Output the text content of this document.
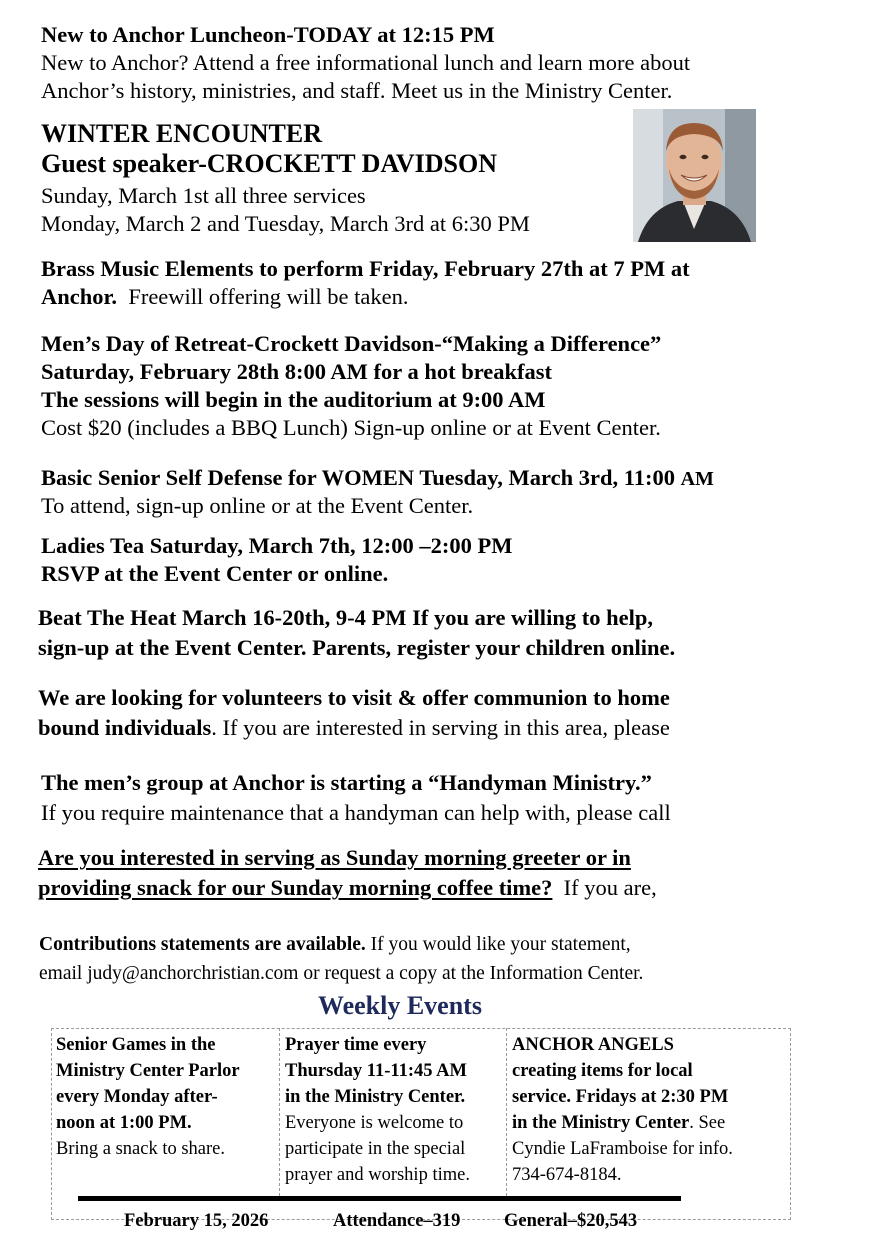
New to Anchor Luncheon-TODAY at 12:15 PM
New to Anchor? Attend a free informational lunch and learn more about
Anchor’s history, ministries, and staff. Meet us in the Ministry Center.
WINTER ENCOUNTER
Guest speaker-CROCKETT DAVIDSON
Sunday, March 1st all three services
Monday, March 2 and Tuesday, March 3rd at 6:30 PM
Brass Music Elements to perform Friday, February 27th at 7 PM at
Anchor. Freewill offering will be taken.
Men’s Day of Retreat-Crockett Davidson-“Making a Difference”
Saturday, February 28th 8:00 AM for a hot breakfast
The sessions will begin in the auditorium at 9:00 AM
Cost $20 (includes a BBQ Lunch) Sign-up online or at Event Center.
Basic Senior Self Defense for WOMEN Tuesday, March 3rd, 11:00 AM
To attend, sign-up online or at the Event Center.
Ladies Tea Saturday, March 7th, 12:00 –2:00 PM
RSVP at the Event Center or online.
Beat The Heat March 16-20th, 9-4 PM If you are willing to help,
sign-up at the Event Center. Parents, register your children online.
We are looking for volunteers to visit & offer communion to home
bound individuals. If you are interested in serving in this area, please
The men’s group at Anchor is starting a “Handyman Ministry.”
If you require maintenance that a handyman can help with, please call
Are you interested in serving as Sunday morning greeter or in
providing snack for our Sunday morning coffee time? If you are,
Contributions statements are available. If you would like your statement,
email judy@anchorchristian.com or request a copy at the Information Center.
Weekly Events
Senior Games in the
Ministry Center Parlor
every Monday after-
noon at 1:00 PM.
Bring a snack to share.
Prayer time every
Thursday 11-11:45 AM
in the Ministry Center.
Everyone is welcome to
participate in the special
prayer and worship time.
ANCHOR ANGELS
creating items for local
service. Fridays at 2:30 PM
in the Ministry Center. See
Cyndie LaFramboise for info.
734-674-8184.
February 15, 2026	Attendance–319 General–$20,543
